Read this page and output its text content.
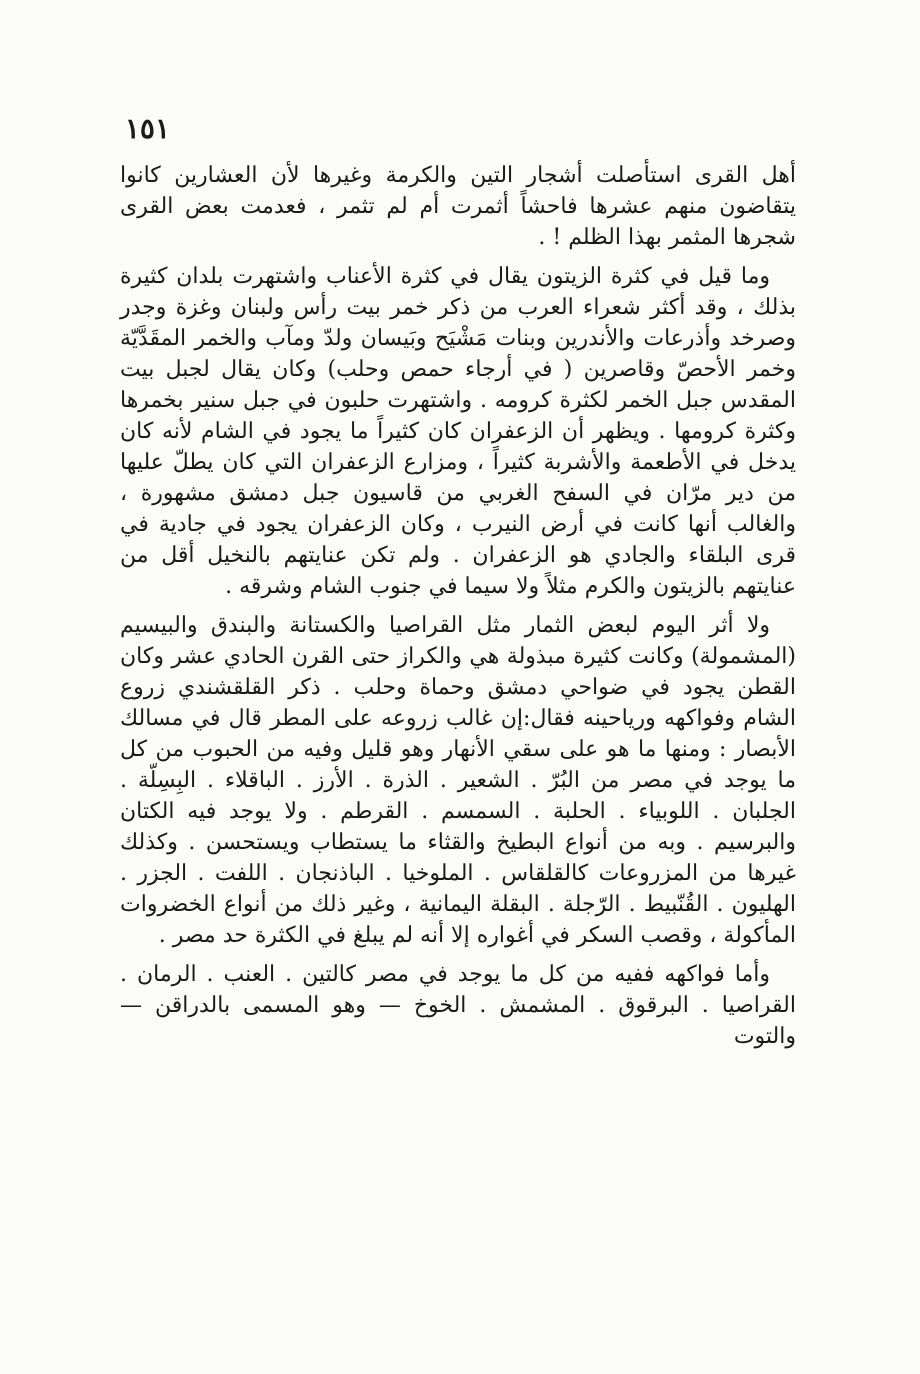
١٥١

أهل القرى استأصلت أشجار التين والكرمة وغيرها لأن العشارين كانوا يتقاضون منهم عشرها فاحشاً أثمرت أم لم تثمر ، فعدمت بعض القرى شجرها المثمر بهذا الظلم ! .

وما قيل في كثرة الزيتون يقال في كثرة الأعناب واشتهرت بلدان كثيرة بذلك ، وقد أكثر شعراء العرب من ذكر خمر بيت رأس ولبنان وغزة وجدر وصرخد وأذرعات والأندرين وبنات مَشْيَح وبَيسان ولدّ ومآب والخمر المقَدَّيّة وخمر الأحصّ وقاصرين ( في أرجاء حمص وحلب) وكان يقال لجبل بيت المقدس جبل الخمر لكثرة كرومه . واشتهرت حلبون في جبل سنير بخمرها وكثرة كرومها . ويظهر أن الزعفران كان كثيراً ما يجود في الشام لأنه كان يدخل في الأطعمة والأشربة كثيراً ، ومزارع الزعفران التي كان يطلّ عليها من دير مرّان في السفح الغربي من قاسيون جبل دمشق مشهورة ، والغالب أنها كانت في أرض النيرب ، وكان الزعفران يجود في جادية في قرى البلقاء والجادي هو الزعفران . ولم تكن عنايتهم بالنخيل أقل من عنايتهم بالزيتون والكرم مثلاً ولا سيما في جنوب الشام وشرقه .

ولا أثر اليوم لبعض الثمار مثل القراصيا والكستانة والبندق والبيسيم (المشمولة) وكانت كثيرة مبذولة هي والكراز حتى القرن الحادي عشر وكان القطن يجود في ضواحي دمشق وحماة وحلب . ذكر القلقشندي زروع الشام وفواكهه ورياحينه فقال:إن غالب زروعه على المطر قال في مسالك الأبصار : ومنها ما هو على سقي الأنهار وهو قليل وفيه من الحبوب من كل ما يوجد في مصر من البُرّ . الشعير . الذرة . الأرز . الباقلاء . البِسِلّة . الجلبان . اللوبياء . الحلبة . السمسم . القرطم . ولا يوجد فيه الكتان والبرسيم . وبه من أنواع البطيخ والقثاء ما يستطاب ويستحسن . وكذلك غيرها من المزروعات كالقلقاس . الملوخيا . الباذنجان . اللفت . الجزر . الهليون . القُنّبيط . الرّجلة . البقلة اليمانية ، وغير ذلك من أنواع الخضروات المأكولة ، وقصب السكر في أغواره إلا أنه لم يبلغ في الكثرة حد مصر .

وأما فواكهه ففيه من كل ما يوجد في مصر كالتين . العنب . الرمان . القراصيا . البرقوق . المشمش . الخوخ — وهو المسمى بالدراقن — والتوت
